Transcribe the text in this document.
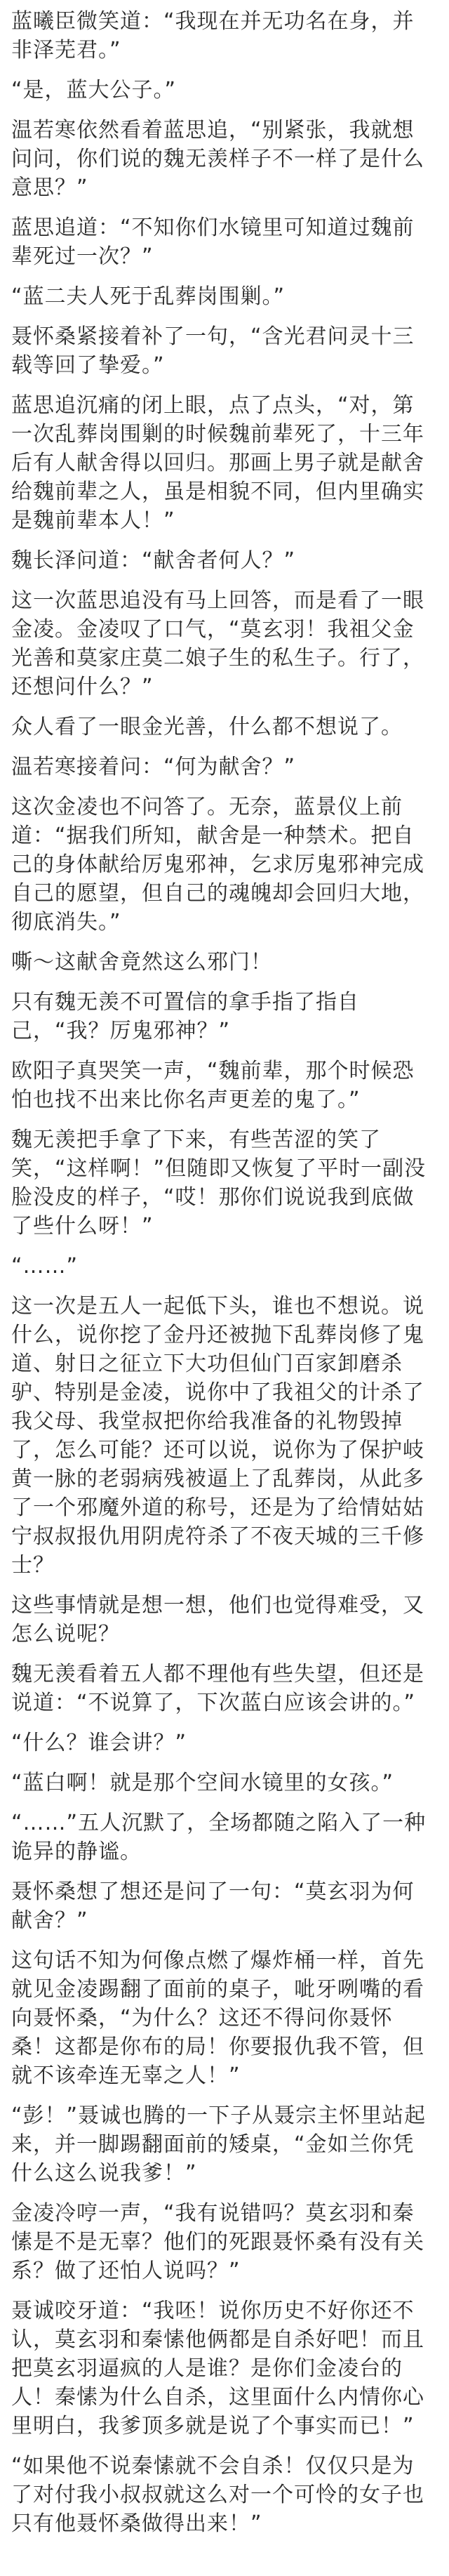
蓝曦臣微笑道：“我现在并无功名在身，并非泽芜君。”

“是，蓝大公子。”

温若寒依然看着蓝思追，“别紧张，我就想问问，你们说的魏无羡样子不一样了是什么意思？”

蓝思追道：“不知你们水镜里可知道过魏前辈死过一次？”

“蓝二夫人死于乱葬岗围剿。”

聂怀桑紧接着补了一句，“含光君问灵十三载等回了挚爱。”

蓝思追沉痛的闭上眼，点了点头，“对，第一次乱葬岗围剿的时候魏前辈死了，十三年后有人献舍得以回归。那画上男子就是献舍给魏前辈之人，虽是相貌不同，但内里确实是魏前辈本人！”

魏长泽问道：“献舍者何人？”

这一次蓝思追没有马上回答，而是看了一眼金凌。金凌叹了口气，“莫玄羽！我祖父金光善和莫家庄莫二娘子生的私生子。行了，还想问什么？”

众人看了一眼金光善，什么都不想说了。

温若寒接着问：“何为献舍？”

这次金凌也不问答了。无奈，蓝景仪上前道：“据我们所知，献舍是一种禁术。把自己的身体献给厉鬼邪神，乞求厉鬼邪神完成自己的愿望，但自己的魂魄却会回归大地，彻底消失。”

嘶～这献舍竟然这么邪门！

只有魏无羡不可置信的拿手指了指自己，“我？厉鬼邪神？”

欧阳子真哭笑一声，“魏前辈，那个时候恐怕也找不出来比你名声更差的鬼了。”

魏无羡把手拿了下来，有些苦涩的笑了笑，“这样啊！”但随即又恢复了平时一副没脸没皮的样子，“哎！那你们说说我到底做了些什么呀！”

“……”

这一次是五人一起低下头，谁也不想说。说什么，说你挖了金丹还被抛下乱葬岗修了鬼道、射日之征立下大功但仙门百家卸磨杀驴、特别是金凌，说你中了我祖父的计杀了我父母、我堂叔把你给我准备的礼物毁掉了，怎么可能？还可以说，说你为了保护岐黄一脉的老弱病残被逼上了乱葬岗，从此多了一个邪魔外道的称号，还是为了给情姑姑宁叔叔报仇用阴虎符杀了不夜天城的三千修士？

这些事情就是想一想，他们也觉得难受，又怎么说呢？

魏无羡看着五人都不理他有些失望，但还是说道：“不说算了，下次蓝白应该会讲的。”

“什么？谁会讲？”

“蓝白啊！就是那个空间水镜里的女孩。”

“……”五人沉默了，全场都随之陷入了一种诡异的静谧。

聂怀桑想了想还是问了一句：“莫玄羽为何献舍？”

这句话不知为何像点燃了爆炸桶一样，首先就见金凌踢翻了面前的桌子，呲牙咧嘴的看向聂怀桑，“为什么？这还不得问你聂怀桑！这都是你布的局！你要报仇我不管，但就不该牵连无辜之人！”

“彭！”聂诚也腾的一下子从聂宗主怀里站起来，并一脚踢翻面前的矮桌，“金如兰你凭什么这么说我爹！”

金凌冷哼一声，“我有说错吗？莫玄羽和秦愫是不是无辜？他们的死跟聂怀桑有没有关系？做了还怕人说吗？”

聂诚咬牙道：“我呸！说你历史不好你还不认，莫玄羽和秦愫他俩都是自杀好吧！而且把莫玄羽逼疯的人是谁？是你们金凌台的人！秦愫为什么自杀，这里面什么内情你心里明白，我爹顶多就是说了个事实而已！”

“如果他不说秦愫就不会自杀！仅仅只是为了对付我小叔叔就这么对一个可怜的女子也只有他聂怀桑做得出来！”
